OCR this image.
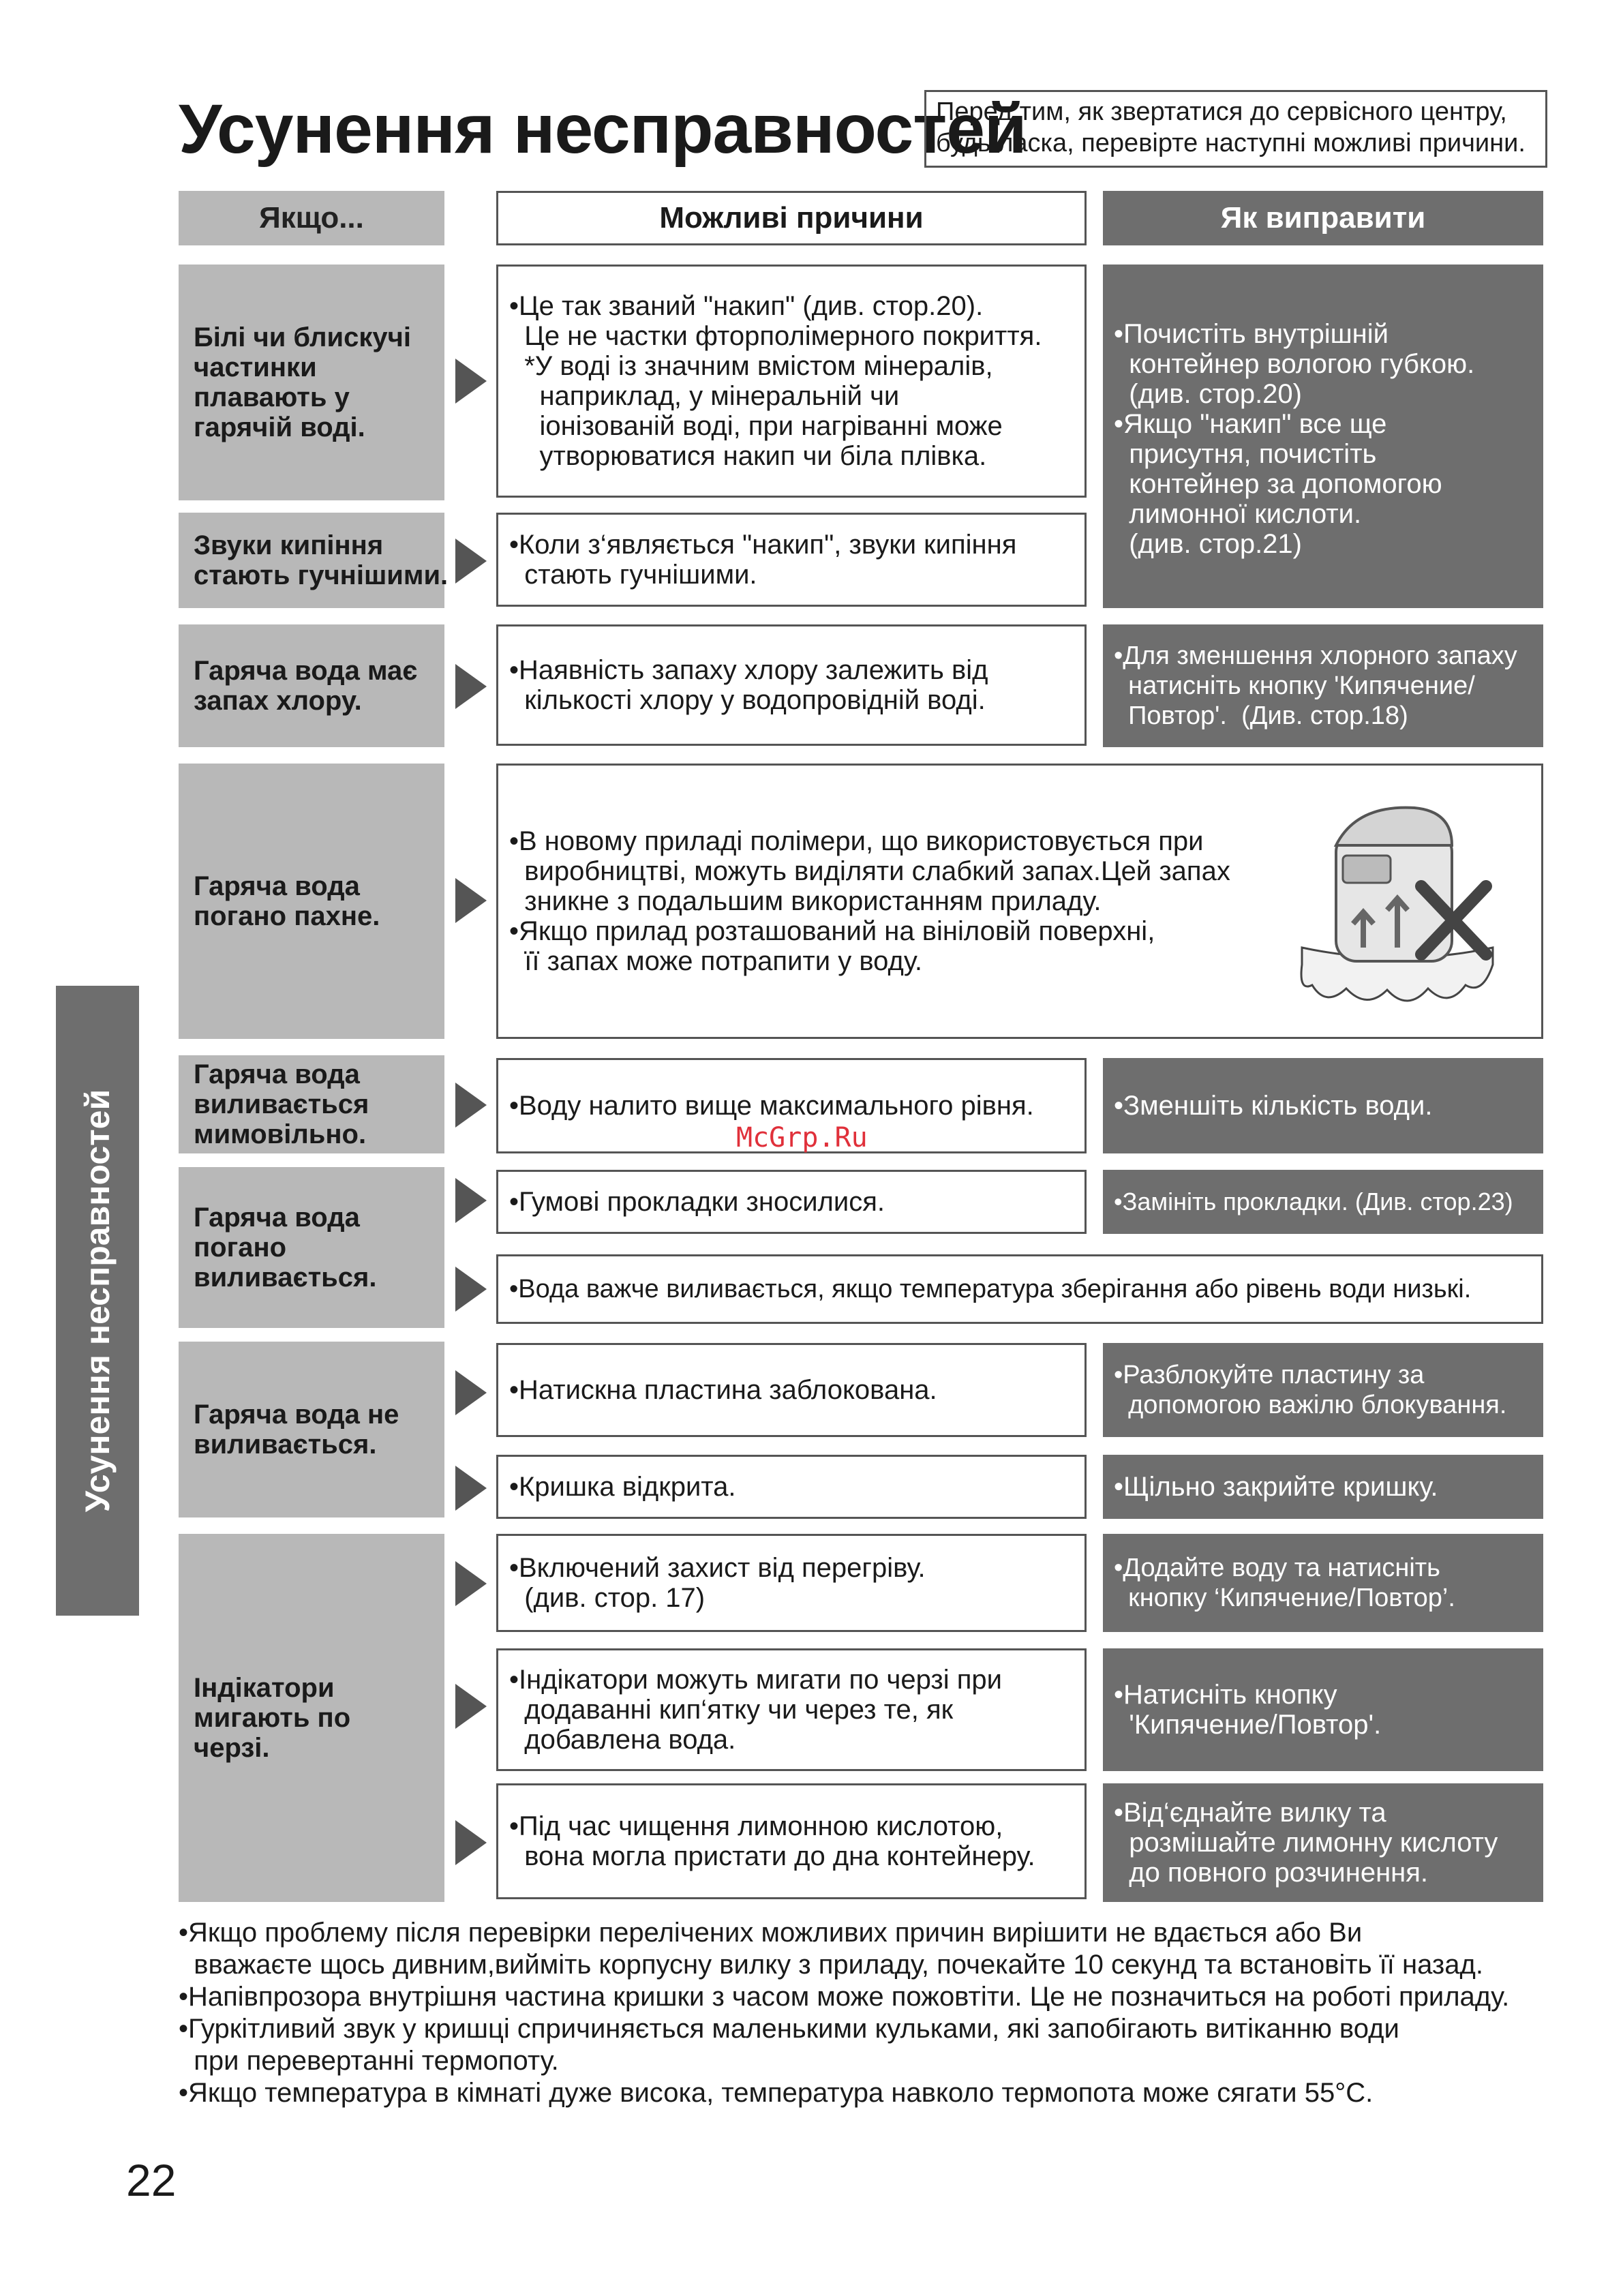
Усунення несправностей
Перед тим, як звертатися до сервісного центру,
будь ласка, перевірте наступні можливі причини.
Якщо...	Можливі причини	Як виправити
Усунення несправностей
Білі чи блискучі
частинки
плавають у
гарячій воді.
Звуки кипіння
стають гучнішими.
Гаряча вода має
запах хлору.
Гаряча вода
погано пахне.
Гаряча вода
виливається
мимовільно.
Гаряча вода
погано
виливається.
Гаряча вода не
виливається.
Індікатори
мигають по
черзі.
•Це так званий "накип" (див. стор.20).
Це не частки фторполімерного покриття.
*У воді із значним вмістом мінералів,
наприклад, у мінеральній чи
іонізованій воді, при нагріванні може
утворюватися накип чи біла плівка.
•Коли з‘являється "накип", звуки кипіння
стають гучнішими.
•Наявність запаху хлору залежить від
кількості хлору у водопровідній воді.
•В новому приладі полімери, що використовується при
виробництві, можуть виділяти слабкий запах.Цей запах
зникне з подальшим використанням приладу.
•Якщо прилад розташований на вініловій поверхні,
її запах може потрапити у воду.
•Воду налито вище максимального рівня.
•Гумові прокладки зносилися.
•Вода важче виливається, якщо температура зберігання або рівень води низькі.
•Натискна пластина заблокована.
•Кришка відкрита.
•Включений захист від перегріву.
(див. стор. 17)
•Індікатори можуть мигати по черзі при
додаванні кип‘ятку чи через те, як
добавлена вода.
•Під час чищення лимонною кислотою,
вона могла пристати до дна контейнеру.
•Почистіть внутрішній
контейнер вологою губкою.
(див. стор.20)
•Якщо "накип" все ще
присутня, почистіть
контейнер за допомогою
лимонної кислоти.
(див. стор.21)
•Для зменшення хлорного запаху
натисніть кнопку 'Кипячение/
Повтор'.  (Див. стор.18)
•Зменшіть кількість води.
•Замініть прокладки. (Див. стор.23)
•Разблокуйте пластину за
допомогою важілю блокування.
•Щільно закрийте кришку.
•Додайте воду та натисніть
кнопку ‘Кипячение/Повтор’.
•Натисніть кнопку
'Кипячение/Повтор'.
•Від‘єднайте вилку та
розмішайте лимонну кислоту
до повного розчинення.
•Якщо проблему після перевірки перелічених можливих причин вирішити не вдається або Ви
вважаєте щось дивним,вийміть корпусну вилку з приладу, почекайте 10 секунд та встановіть її назад.
•Напівпрозора внутрішня частина кришки з часом може пожовтіти. Це не позначиться на роботі приладу.
•Гуркітливий звук у кришці спричиняється маленькими кульками, які запобігають витіканню води
при перевертанні термопоту.
•Якщо температура в кімнаті дуже висока, температура навколо термопота може сягати 55°C.
McGrp.Ru
22
